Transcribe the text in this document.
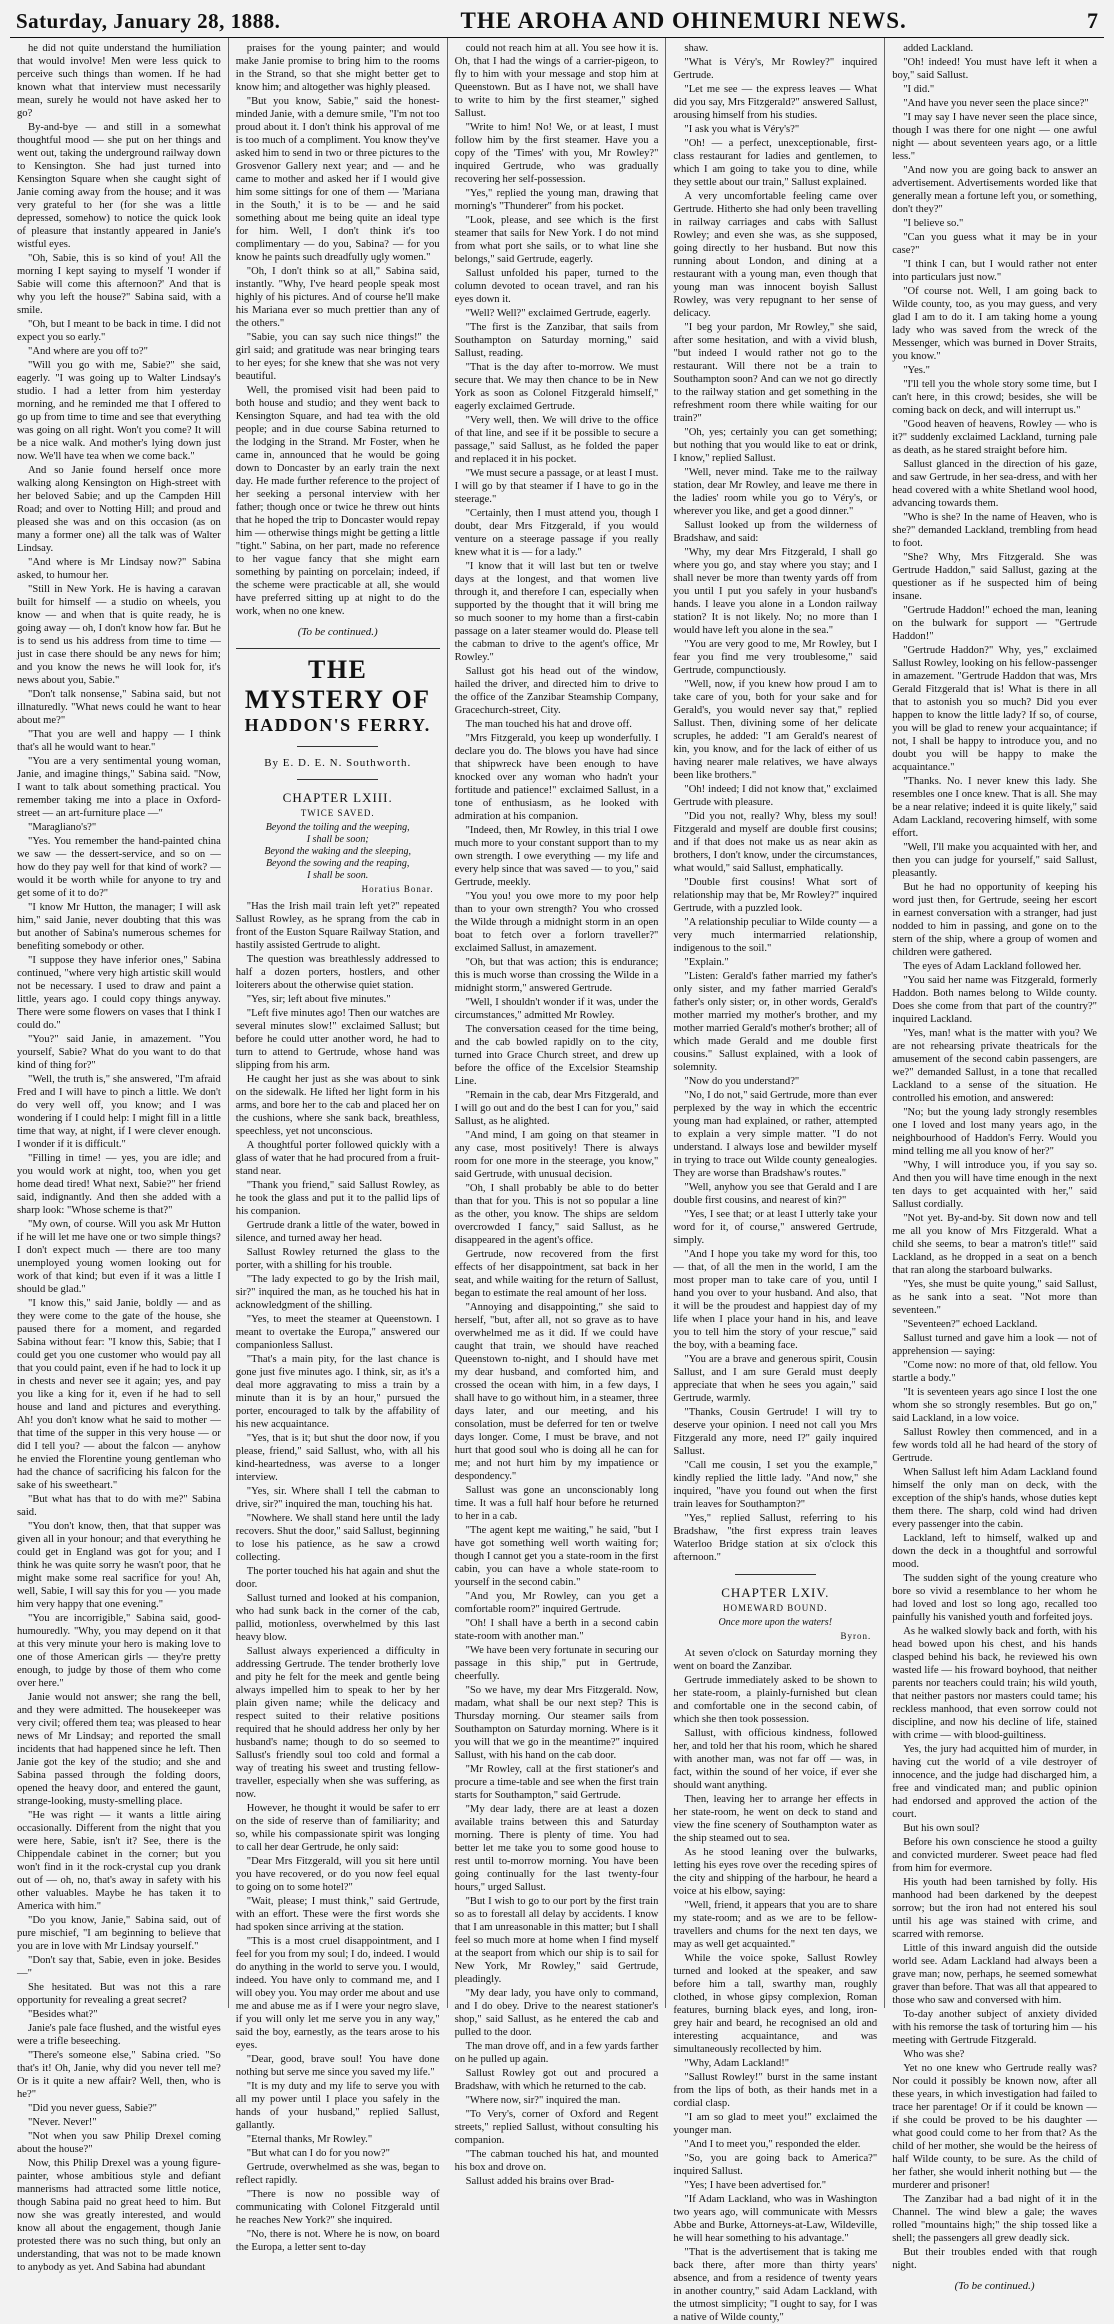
Saturday, January 28, 1888.	THE AROHA AND OHINEMURI NEWS.	7

he did not quite understand the humiliation that would involve! Men were less quick to perceive such things than women. If he had known what that interview must necessarily mean, surely he would not have asked her to go?

By-and-bye — and still in a somewhat thoughtful mood — she put on her things and went out, taking the underground railway down to Kensington. She had just turned into Kensington Square when she caught sight of Janie coming away from the house; and it was very grateful to her (for she was a little depressed, somehow) to notice the quick look of pleasure that instantly appeared in Janie's wistful eyes.

"Oh, Sabie, this is so kind of you! All the morning I kept saying to myself 'I wonder if Sabie will come this afternoon?' And that is why you left the house?" Sabina said, with a smile.

"Oh, but I meant to be back in time. I did not expect you so early."

"And where are you off to?"

"Will you go with me, Sabie?" she said, eagerly. "I was going up to Walter Lindsay's studio. I had a letter from him yesterday morning, and he reminded me that I offered to go up from time to time and see that everything was going on all right. Won't you come? It will be a nice walk. And mother's lying down just now. We'll have tea when we come back."

And so Janie found herself once more walking along Kensington on High-street with her beloved Sabie; and up the Campden Hill Road; and over to Notting Hill; and proud and pleased she was and on this occasion (as on many a former one) all the talk was of Walter Lindsay.

"And where is Mr Lindsay now?" Sabina asked, to humour her.

"Still in New York. He is having a caravan built for himself — a studio on wheels, you know — and when that is quite ready, he is going away — oh, I don't know how far. But he is to send us his address from time to time — just in case there should be any news for him; and you know the news he will look for, it's news about you, Sabie."

"Don't talk nonsense," Sabina said, but not illnaturedly. "What news could he want to hear about me?"

"That you are well and happy — I think that's all he would want to hear."

"You are a very sentimental young woman, Janie, and imagine things," Sabina said. "Now, I want to talk about something practical. You remember taking me into a place in Oxford-street — an art-furniture place —"

"Maragliano's?"

"Yes. You remember the hand-painted china we saw — the dessert-service, and so on — how do they pay well for that kind of work? — would it be worth while for anyone to try and get some of it to do?"

"I know Mr Hutton, the manager; I will ask him," said Janie, never doubting that this was but another of Sabina's numerous schemes for benefiting somebody or other.

"I suppose they have inferior ones," Sabina continued, "where very high artistic skill would not be necessary. I used to draw and paint a little, years ago. I could copy things anyway. There were some flowers on vases that I think I could do."

"You?" said Janie, in amazement. "You yourself, Sabie? What do you want to do that kind of thing for?"

"Well, the truth is," she answered, "I'm afraid Fred and I will have to pinch a little. We don't do very well off, you know; and I was wondering if I could help: I might fill in a little time that way, at night, if I were clever enough. I wonder if it is difficult."

"Filling in time! — yes, you are idle; and you would work at night, too, when you get home dead tired! What next, Sabie?" her friend said, indignantly. And then she added with a sharp look: "Whose scheme is that?"

"My own, of course. Will you ask Mr Hutton if he will let me have one or two simple things? I don't expect much — there are too many unemployed young women looking out for work of that kind; but even if it was a little I should be glad."

"I know this," said Janie, boldly — and as they were come to the gate of the house, she paused there for a moment, and regarded Sabina without fear: "I know this, Sabie; that I could get you one customer who would pay all that you could paint, even if he had to lock it up in chests and never see it again; yes, and pay you like a king for it, even if he had to sell house and land and pictures and everything. Ah! you don't know what he said to mother — that time of the supper in this very house — or did I tell you? — about the falcon — anyhow he envied the Florentine young gentleman who had the chance of sacrificing his falcon for the sake of his sweetheart."

"But what has that to do with me?" Sabina said.

"You don't know, then, that that supper was given all in your honour; and that everything he could get in England was got for you; and I think he was quite sorry he wasn't poor, that he might make some real sacrifice for you! Ah, well, Sabie, I will say this for you — you made him very happy that one evening."

"You are incorrigible," Sabina said, good-humouredly. "Why, you may depend on it that at this very minute your hero is making love to one of those American girls — they're pretty enough, to judge by those of them who come over here."

Janie would not answer; she rang the bell, and they were admitted. The housekeeper was very civil; offered them tea; was pleased to hear news of Mr Lindsay; and reported the small incidents that had happened since he left. Then Janie got the key of the studio; and she and Sabina passed through the folding doors, opened the heavy door, and entered the gaunt, strange-looking, musty-smelling place.

"He was right — it wants a little airing occasionally. Different from the night that you were here, Sabie, isn't it? See, there is the Chippendale cabinet in the corner; but you won't find in it the rock-crystal cup you drank out of — oh, no, that's away in safety with his other valuables. Maybe he has taken it to America with him."

"Do you know, Janie," Sabina said, out of pure mischief, "I am beginning to believe that you are in love with Mr Lindsay yourself."

"Don't say that, Sabie, even in joke. Besides —"

She hesitated. But was not this a rare opportunity for revealing a great secret?

"Besides what?"

Janie's pale face flushed, and the wistful eyes were a trifle beseeching.

"There's someone else," Sabina cried. "So that's it! Oh, Janie, why did you never tell me? Or is it quite a new affair? Well, then, who is he?"

"Did you never guess, Sabie?"

"Never. Never!"

"Not when you saw Philip Drexel coming about the house?"

Now, this Philip Drexel was a young figure-painter, whose ambitious style and defiant mannerisms had attracted some little notice, though Sabina paid no great heed to him. But now she was greatly interested, and would know all about the engagement, though Janie protested there was no such thing, but only an understanding, that was not to be made known to anybody as yet. And Sabina had abundant

praises for the young painter; and would make Janie promise to bring him to the rooms in the Strand, so that she might better get to know him; and altogether was highly pleased.

"But you know, Sabie," said the honest-minded Janie, with a demure smile, "I'm not too proud about it. I don't think his approval of me is too much of a compliment. You know they've asked him to send in two or three pictures to the Grosvenor Gallery next year; and — and he came to mother and asked her if I would give him some sittings for one of them — 'Mariana in the South,' it is to be — and he said something about me being quite an ideal type for him. Well, I don't think it's too complimentary — do you, Sabina? — for you know he paints such dreadfully ugly women."

"Oh, I don't think so at all," Sabina said, instantly. "Why, I've heard people speak most highly of his pictures. And of course he'll make his Mariana ever so much prettier than any of the others."

"Sabie, you can say such nice things!" the girl said; and gratitude was near bringing tears to her eyes; for she knew that she was not very beautiful.

Well, the promised visit had been paid to both house and studio; and they went back to Kensington Square, and had tea with the old people; and in due course Sabina returned to the lodging in the Strand. Mr Foster, when he came in, announced that he would be going down to Doncaster by an early train the next day. He made further reference to the project of her seeking a personal interview with her father; though once or twice he threw out hints that he hoped the trip to Doncaster would repay him — otherwise things might be getting a little "tight." Sabina, on her part, made no reference to her vague fancy that she might earn something by painting on porcelain; indeed, if the scheme were practicable at all, she would have preferred sitting up at night to do the work, when no one knew.

(To be continued.)
THE MYSTERY OF
HADDON'S FERRY.
By E. D. E. N. Southworth.
CHAPTER LXIII.
TWICE SAVED.
Beyond the toiling and the weeping,
I shall be soon;
Beyond the waking and the sleeping,
Beyond the sowing and the reaping,
I shall be soon.
Horatius Bonar.

"Has the Irish mail train left yet?" repeated Sallust Rowley, as he sprang from the cab in front of the Euston Square Railway Station, and hastily assisted Gertrude to alight.

The question was breathlessly addressed to half a dozen porters, hostlers, and other loiterers about the otherwise quiet station.

"Yes, sir; left about five minutes."

"Left five minutes ago! Then our watches are several minutes slow!" exclaimed Sallust; but before he could utter another word, he had to turn to attend to Gertrude, whose hand was slipping from his arm.

He caught her just as she was about to sink on the sidewalk. He lifted her light form in his arms, and bore her to the cab and placed her on the cushions, where she sank back, breathless, speechless, yet not unconscious.

A thoughtful porter followed quickly with a glass of water that he had procured from a fruit-stand near.

"Thank you friend," said Sallust Rowley, as he took the glass and put it to the pallid lips of his companion.

Gertrude drank a little of the water, bowed in silence, and turned away her head.

Sallust Rowley returned the glass to the porter, with a shilling for his trouble.

"The lady expected to go by the Irish mail, sir?" inquired the man, as he touched his hat in acknowledgment of the shilling.

"Yes, to meet the steamer at Queenstown. I meant to overtake the Europa," answered our companionless Sallust.

"That's a main pity, for the last chance is gone just five minutes ago. I think, sir, as it's a deal more aggravating to miss a train by a minute than it is by an hour," pursued the porter, encouraged to talk by the affability of his new acquaintance.

"Yes, that is it; but shut the door now, if you please, friend," said Sallust, who, with all his kind-heartedness, was averse to a longer interview.

"Yes, sir. Where shall I tell the cabman to drive, sir?" inquired the man, touching his hat.

"Nowhere. We shall stand here until the lady recovers. Shut the door," said Sallust, beginning to lose his patience, as he saw a crowd collecting.

The porter touched his hat again and shut the door.

Sallust turned and looked at his companion, who had sunk back in the corner of the cab, pallid, motionless, overwhelmed by this last heavy blow.

Sallust always experienced a difficulty in addressing Gertrude. The tender brotherly love and pity he felt for the meek and gentle being always impelled him to speak to her by her plain given name; while the delicacy and respect suited to their relative positions required that he should address her only by her husband's name; though to do so seemed to Sallust's friendly soul too cold and formal a way of treating his sweet and trusting fellow-traveller, especially when she was suffering, as now.

However, he thought it would be safer to err on the side of reserve than of familiarity; and so, while his compassionate spirit was longing to call her dear Gertrude, he only said:

"Dear Mrs Fitzgerald, will you sit here until you have recovered, or do you now feel equal to going on to some hotel?"

"Wait, please; I must think," said Gertrude, with an effort. These were the first words she had spoken since arriving at the station.

"This is a most cruel disappointment, and I feel for you from my soul; I do, indeed. I would do anything in the world to serve you. I would, indeed. You have only to command me, and I will obey you. You may order me about and use me and abuse me as if I were your negro slave, if you will only let me serve you in any way," said the boy, earnestly, as the tears arose to his eyes.

"Dear, good, brave soul! You have done nothing but serve me since you saved my life."

"It is my duty and my life to serve you with all my power until I place you safely in the hands of your husband," replied Sallust, gallantly.

"Eternal thanks, Mr Rowley."

"But what can I do for you now?"

Gertrude, overwhelmed as she was, began to reflect rapidly.

"There is now no possible way of communicating with Colonel Fitzgerald until he reaches New York?" she inquired.

"No, there is not. Where he is now, on board the Europa, a letter sent to-day

could not reach him at all. You see how it is. Oh, that I had the wings of a carrier-pigeon, to fly to him with your message and stop him at Queenstown. But as I have not, we shall have to write to him by the first steamer," sighed Sallust.

"Write to him! No! We, or at least, I must follow him by the first steamer. Have you a copy of the 'Times' with you, Mr Rowley?" inquired Gertrude, who was gradually recovering her self-possession.

"Yes," replied the young man, drawing that morning's "Thunderer" from his pocket.

"Look, please, and see which is the first steamer that sails for New York. I do not mind from what port she sails, or to what line she belongs," said Gertrude, eagerly.

Sallust unfolded his paper, turned to the column devoted to ocean travel, and ran his eyes down it.

"Well? Well?" exclaimed Gertrude, eagerly.

"The first is the Zanzibar, that sails from Southampton on Saturday morning," said Sallust, reading.

"That is the day after to-morrow. We must secure that. We may then chance to be in New York as soon as Colonel Fitzgerald himself," eagerly exclaimed Gertrude.

"Very well, then. We will drive to the office of that line, and see if it be possible to secure a passage," said Sallust, as he folded the paper and replaced it in his pocket.

"We must secure a passage, or at least I must. I will go by that steamer if I have to go in the steerage."

"Certainly, then I must attend you, though I doubt, dear Mrs Fitzgerald, if you would venture on a steerage passage if you really knew what it is — for a lady."

"I know that it will last but ten or twelve days at the longest, and that women live through it, and therefore I can, especially when supported by the thought that it will bring me so much sooner to my home than a first-cabin passage on a later steamer would do. Please tell the cabman to drive to the agent's office, Mr Rowley."

Sallust got his head out of the window, hailed the driver, and directed him to drive to the office of the Zanzibar Steamship Company, Gracechurch-street, City.

The man touched his hat and drove off.

"Mrs Fitzgerald, you keep up wonderfully. I declare you do. The blows you have had since that shipwreck have been enough to have knocked over any woman who hadn't your fortitude and patience!" exclaimed Sallust, in a tone of enthusiasm, as he looked with admiration at his companion.

"Indeed, then, Mr Rowley, in this trial I owe much more to your constant support than to my own strength. I owe everything — my life and every help since that was saved — to you," said Gertrude, meekly.

"You you! you owe more to my poor help than to your own strength? You who crossed the Wilde through a midnight storm in an open boat to fetch over a forlorn traveller?" exclaimed Sallust, in amazement.

"Oh, but that was action; this is endurance; this is much worse than crossing the Wilde in a midnight storm," answered Gertrude.

"Well, I shouldn't wonder if it was, under the circumstances," admitted Mr Rowley.

The conversation ceased for the time being, and the cab bowled rapidly on to the city, turned into Grace Church street, and drew up before the office of the Excelsior Steamship Line.

"Remain in the cab, dear Mrs Fitzgerald, and I will go out and do the best I can for you," said Sallust, as he alighted.

"And mind, I am going on that steamer in any case, most positively! There is always room for one more in the steerage, you know," said Gertrude, with unusual decision.

"Oh, I shall probably be able to do better than that for you. This is not so popular a line as the other, you know. The ships are seldom overcrowded I fancy," said Sallust, as he disappeared in the agent's office.

Gertrude, now recovered from the first effects of her disappointment, sat back in her seat, and while waiting for the return of Sallust, began to estimate the real amount of her loss.

"Annoying and disappointing," she said to herself, "but, after all, not so grave as to have overwhelmed me as it did. If we could have caught that train, we should have reached Queenstown to-night, and I should have met my dear husband, and comforted him, and crossed the ocean with him, in a few days, I shall have to go without him, in a steamer, three days later, and our meeting, and his consolation, must be deferred for ten or twelve days longer. Come, I must be brave, and not hurt that good soul who is doing all he can for me; and not hurt him by my impatience or despondency."

Sallust was gone an unconscionably long time. It was a full half hour before he returned to her in a cab.

"The agent kept me waiting," he said, "but I have got something well worth waiting for; though I cannot get you a state-room in the first cabin, you can have a whole state-room to yourself in the second cabin."

"And you, Mr Rowley, can you get a comfortable room?" inquired Gertrude.

"Oh! I shall have a berth in a second cabin state-room with another man."

"We have been very fortunate in securing our passage in this ship," put in Gertrude, cheerfully.

"So we have, my dear Mrs Fitzgerald. Now, madam, what shall be our next step? This is Thursday morning. Our steamer sails from Southampton on Saturday morning. Where is it you will that we go in the meantime?" inquired Sallust, with his hand on the cab door.

"Mr Rowley, call at the first stationer's and procure a time-table and see when the first train starts for Southampton," said Gertrude.

"My dear lady, there are at least a dozen available trains between this and Saturday morning. There is plenty of time. You had better let me take you to some good house to rest until to-morrow morning. You have been going continually for the last twenty-four hours," urged Sallust.

"But I wish to go to our port by the first train so as to forestall all delay by accidents. I know that I am unreasonable in this matter; but I shall feel so much more at home when I find myself at the seaport from which our ship is to sail for New York, Mr Rowley," said Gertrude, pleadingly.

"My dear lady, you have only to command, and I do obey. Drive to the nearest stationer's shop," said Sallust, as he entered the cab and pulled to the door.

The man drove off, and in a few yards farther on he pulled up again.

Sallust Rowley got out and procured a Bradshaw, with which he returned to the cab.

"Where now, sir?" inquired the man.

"To Very's, corner of Oxford and Regent streets," replied Sallust, without consulting his companion.

"The cabman touched his hat, and mounted his box and drove on.

Sallust added his brains over Brad-

shaw.

"What is Véry's, Mr Rowley?" inquired Gertrude.

"Let me see — the express leaves — What did you say, Mrs Fitzgerald?" answered Sallust, arousing himself from his studies.

"I ask you what is Véry's?"

"Oh! — a perfect, unexceptionable, first-class restaurant for ladies and gentlemen, to which I am going to take you to dine, while they settle about our train," Sallust explained.

A very uncomfortable feeling came over Gertrude. Hitherto she had only been travelling in railway carriages and cabs with Sallust Rowley; and even she was, as she supposed, going directly to her husband. But now this running about London, and dining at a restaurant with a young man, even though that young man was innocent boyish Sallust Rowley, was very repugnant to her sense of delicacy.

"I beg your pardon, Mr Rowley," she said, after some hesitation, and with a vivid blush, "but indeed I would rather not go to the restaurant. Will there not be a train to Southampton soon? And can we not go directly to the railway station and get something in the refreshment room there while waiting for our train?"

"Oh, yes; certainly you can get something; but nothing that you would like to eat or drink, I know," replied Sallust.

"Well, never mind. Take me to the railway station, dear Mr Rowley, and leave me there in the ladies' room while you go to Véry's, or wherever you like, and get a good dinner."

Sallust looked up from the wilderness of Bradshaw, and said:

"Why, my dear Mrs Fitzgerald, I shall go where you go, and stay where you stay; and I shall never be more than twenty yards off from you until I put you safely in your husband's hands. I leave you alone in a London railway station? It is not likely. No; no more than I would have left you alone in the sea."

"You are very good to me, Mr Rowley, but I fear you find me very troublesome," said Gertrude, compunctiously.

"Well, now, if you knew how proud I am to take care of you, both for your sake and for Gerald's, you would never say that," replied Sallust. Then, divining some of her delicate scruples, he added: "I am Gerald's nearest of kin, you know, and for the lack of either of us having nearer male relatives, we have always been like brothers."

"Oh! indeed; I did not know that," exclaimed Gertrude with pleasure.

"Did you not, really? Why, bless my soul! Fitzgerald and myself are double first cousins; and if that does not make us as near akin as brothers, I don't know, under the circumstances, what would," said Sallust, emphatically.

"Double first cousins! What sort of relationship may that be, Mr Rowley?" inquired Gertrude, with a puzzled look.

"A relationship peculiar to Wilde county — a very much intermarried relationship, indigenous to the soil."

"Explain."

"Listen: Gerald's father married my father's only sister, and my father married Gerald's father's only sister; or, in other words, Gerald's mother married my mother's brother, and my mother married Gerald's mother's brother; all of which made Gerald and me double first cousins." Sallust explained, with a look of solemnity.

"Now do you understand?"

"No, I do not," said Gertrude, more than ever perplexed by the way in which the eccentric young man had explained, or rather, attempted to explain a very simple matter. "I do not understand. I always lose and bewilder myself in trying to trace out Wilde county genealogies. They are worse than Bradshaw's routes."

"Well, anyhow you see that Gerald and I are double first cousins, and nearest of kin?"

"Yes, I see that; or at least I utterly take your word for it, of course," answered Gertrude, simply.

"And I hope you take my word for this, too — that, of all the men in the world, I am the most proper man to take care of you, until I hand you over to your husband. And also, that it will be the proudest and happiest day of my life when I place your hand in his, and leave you to tell him the story of your rescue," said the boy, with a beaming face.

"You are a brave and generous spirit, Cousin Sallust, and I am sure Gerald must deeply appreciate that when he sees you again," said Gertrude, warmly.

"Thanks, Cousin Gertrude! I will try to deserve your opinion. I need not call you Mrs Fitzgerald any more, need I?" gaily inquired Sallust.

"Call me cousin, I set you the example," kindly replied the little lady. "And now," she inquired, "have you found out when the first train leaves for Southampton?"

"Yes," replied Sallust, referring to his Bradshaw, "the first express train leaves Waterloo Bridge station at six o'clock this afternoon."

CHAPTER LXIV.
HOMEWARD BOUND.
Once more upon the waters!
Byron.

At seven o'clock on Saturday morning they went on board the Zanzibar.

Gertrude immediately asked to be shown to her state-room, a plainly-furnished but clean and comfortable one in the second cabin, of which she then took possession.

Sallust, with officious kindness, followed her, and told her that his room, which he shared with another man, was not far off — was, in fact, within the sound of her voice, if ever she should want anything.

Then, leaving her to arrange her effects in her state-room, he went on deck to stand and view the fine scenery of Southampton water as the ship steamed out to sea.

As he stood leaning over the bulwarks, letting his eyes rove over the receding spires of the city and shipping of the harbour, he heard a voice at his elbow, saying:

"Well, friend, it appears that you are to share my state-room; and as we are to be fellow-travellers and chums for the next ten days, we may as well get acquainted."

While the voice spoke, Sallust Rowley turned and looked at the speaker, and saw before him a tall, swarthy man, roughly clothed, in whose gipsy complexion, Roman features, burning black eyes, and long, iron-grey hair and beard, he recognised an old and interesting acquaintance, and was simultaneously recollected by him.

"Why, Adam Lackland!"

"Sallust Rowley!" burst in the same instant from the lips of both, as their hands met in a cordial clasp.

"I am so glad to meet you!" exclaimed the younger man.

"And I to meet you," responded the elder.

"So, you are going back to America?" inquired Sallust.

"Yes; I have been advertised for."

"If Adam Lackland, who was in Washington two years ago, will communicate with Messrs Abbe and Burke, Attorneys-at-Law, Wildeville, he will hear something to his advantage."

"That is the advertisement that is taking me back there, after more than thirty years' absence, and from a residence of twenty years in another country," said Adam Lackland, with the utmost simplicity; "I ought to say, for I was a native of Wilde county,"

added Lackland.

"Oh! indeed! You must have left it when a boy," said Sallust.

"I did."

"And have you never seen the place since?"

"I may say I have never seen the place since, though I was there for one night — one awful night — about seventeen years ago, or a little less."

"And now you are going back to answer an advertisement. Advertisements worded like that generally mean a fortune left you, or something, don't they?"

"I believe so."

"Can you guess what it may be in your case?"

"I think I can, but I would rather not enter into particulars just now."

"Of course not. Well, I am going back to Wilde county, too, as you may guess, and very glad I am to do it. I am taking home a young lady who was saved from the wreck of the Messenger, which was burned in Dover Straits, you know."

"Yes."

"I'll tell you the whole story some time, but I can't here, in this crowd; besides, she will be coming back on deck, and will interrupt us."

"Good heaven of heavens, Rowley — who is it?" suddenly exclaimed Lackland, turning pale as death, as he stared straight before him.

Sallust glanced in the direction of his gaze, and saw Gertrude, in her sea-dress, and with her head covered with a white Shetland wool hood, advancing towards them.

"Who is she? In the name of Heaven, who is she?" demanded Lackland, trembling from head to foot.

"She? Why, Mrs Fitzgerald. She was Gertrude Haddon," said Sallust, gazing at the questioner as if he suspected him of being insane.

"Gertrude Haddon!" echoed the man, leaning on the bulwark for support — "Gertrude Haddon!"

"Gertrude Haddon?" Why, yes," exclaimed Sallust Rowley, looking on his fellow-passenger in amazement. "Gertrude Haddon that was, Mrs Gerald Fitzgerald that is! What is there in all that to astonish you so much? Did you ever happen to know the little lady? If so, of course, you will be glad to renew your acquaintance; if not, I shall be happy to introduce you, and no doubt you will be happy to make the acquaintance."

"Thanks. No. I never knew this lady. She resembles one I once knew. That is all. She may be a near relative; indeed it is quite likely," said Adam Lackland, recovering himself, with some effort.

"Well, I'll make you acquainted with her, and then you can judge for yourself," said Sallust, pleasantly.

But he had no opportunity of keeping his word just then, for Gertrude, seeing her escort in earnest conversation with a stranger, had just nodded to him in passing, and gone on to the stern of the ship, where a group of women and children were gathered.

The eyes of Adam Lackland followed her.

"You said her name was Fitzgerald, formerly Haddon. Both names belong to Wilde county. Does she come from that part of the country?" inquired Lackland.

"Yes, man! what is the matter with you? We are not rehearsing private theatricals for the amusement of the second cabin passengers, are we?" demanded Sallust, in a tone that recalled Lackland to a sense of the situation. He controlled his emotion, and answered:

"No; but the young lady strongly resembles one I loved and lost many years ago, in the neighbourhood of Haddon's Ferry. Would you mind telling me all you know of her?"

"Why, I will introduce you, if you say so. And then you will have time enough in the next ten days to get acquainted with her," said Sallust cordially.

"Not yet. By-and-by. Sit down now and tell me all you know of Mrs Fitzgerald. What a child she seems, to bear a matron's title!" said Lackland, as he dropped in a seat on a bench that ran along the starboard bulwarks.

"Yes, she must be quite young," said Sallust, as he sank into a seat. "Not more than seventeen."

"Seventeen?" echoed Lackland.

Sallust turned and gave him a look — not of apprehension — saying:

"Come now: no more of that, old fellow. You startle a body."

"It is seventeen years ago since I lost the one whom she so strongly resembles. But go on," said Lackland, in a low voice.

Sallust Rowley then commenced, and in a few words told all he had heard of the story of Gertrude.

When Sallust left him Adam Lackland found himself the only man on deck, with the exception of the ship's hands, whose duties kept them there. The sharp, cold wind had driven every passenger into the cabin.

Lackland, left to himself, walked up and down the deck in a thoughtful and sorrowful mood.

The sudden sight of the young creature who bore so vivid a resemblance to her whom he had loved and lost so long ago, recalled too painfully his vanished youth and forfeited joys.

As he walked slowly back and forth, with his head bowed upon his chest, and his hands clasped behind his back, he reviewed his own wasted life — his froward boyhood, that neither parents nor teachers could train; his wild youth, that neither pastors nor masters could tame; his reckless manhood, that even sorrow could not discipline, and now his decline of life, stained with crime — with blood-guiltiness.

Yes, the jury had acquitted him of murder, in having cut the world of a vile destroyer of innocence, and the judge had discharged him, a free and vindicated man; and public opinion had endorsed and approved the action of the court.

But his own soul?

Before his own conscience he stood a guilty and convicted murderer. Sweet peace had fled from him for evermore.

His youth had been tarnished by folly. His manhood had been darkened by the deepest sorrow; but the iron had not entered his soul until his age was stained with crime, and scarred with remorse.

Little of this inward anguish did the outside world see. Adam Lackland had always been a grave man; now, perhaps, he seemed somewhat graver than before. That was all that appeared to those who saw and conversed with him.

To-day another subject of anxiety divided with his remorse the task of torturing him — his meeting with Gertrude Fitzgerald.

Who was she?

Yet no one knew who Gertrude really was? Nor could it possibly be known now, after all these years, in which investigation had failed to trace her parentage! Or if it could be known — if she could be proved to be his daughter — what good could come to her from that? As the child of her mother, she would be the heiress of half Wilde county, to be sure. As the child of her father, she would inherit nothing but — the murderer and prisoner!

The Zanzibar had a bad night of it in the Channel. The wind blew a gale; the waves rolled "mountains high;" the ship tossed like a shell; the passengers all grew deadly sick.

But their troubles ended with that rough night.

(To be continued.)
